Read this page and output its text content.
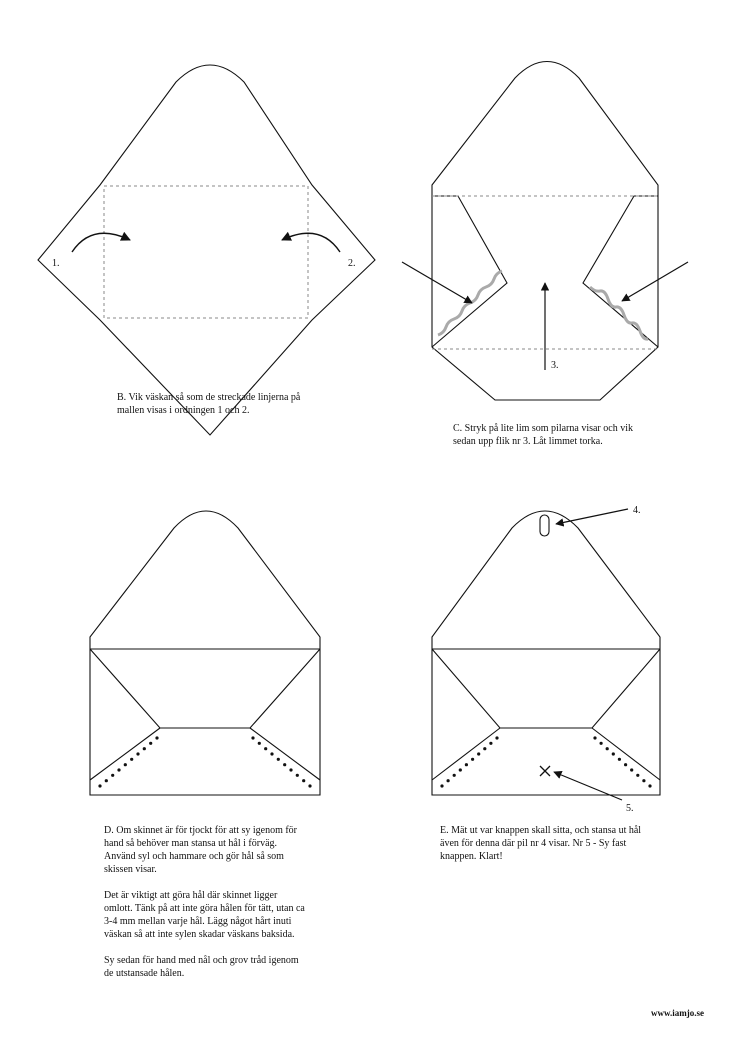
1.	2.
3.
4.
5.
B. Vik väskan så som de streckade linjerna på
mallen visas i ordningen 1 och 2.
C. Stryk på lite lim som pilarna visar och vik
sedan upp flik nr 3. Låt limmet torka.

D. Om skinnet är för tjockt för att sy igenom för
hand så behöver man stansa ut hål i förväg.
Använd syl och hammare och gör hål så som
skissen visar.

Det är viktigt att göra hål där skinnet ligger
omlott. Tänk på att inte göra hålen för tätt, utan ca
3-4 mm mellan varje hål. Lägg något hårt inuti
väskan så att inte sylen skadar väskans baksida.

Sy sedan för hand med nål och grov tråd igenom
de utstansade hålen.

E. Mät ut var knappen skall sitta, och stansa ut hål
även för denna där pil nr 4 visar. Nr 5 - Sy fast
knappen. Klart!
www.iamjo.se
